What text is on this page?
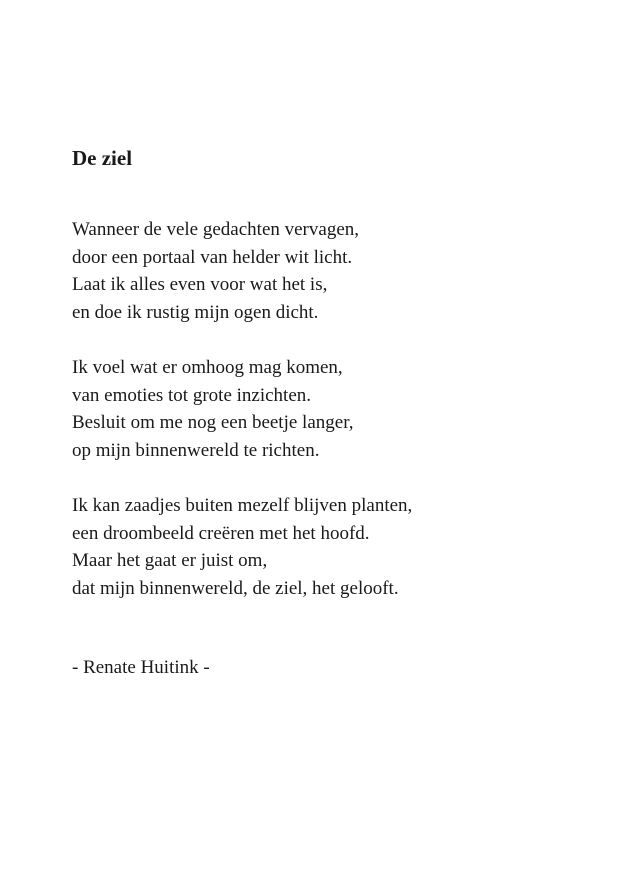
De ziel
Wanneer de vele gedachten vervagen,
door een portaal van helder wit licht.
Laat ik alles even voor wat het is,
en doe ik rustig mijn ogen dicht.
Ik voel wat er omhoog mag komen,
van emoties tot grote inzichten.
Besluit om me nog een beetje langer,
op mijn binnenwereld te richten.
Ik kan zaadjes buiten mezelf blijven planten,
een droombeeld creëren met het hoofd.
Maar het gaat er juist om,
dat mijn binnenwereld, de ziel, het gelooft.

- Renate Huitink -
